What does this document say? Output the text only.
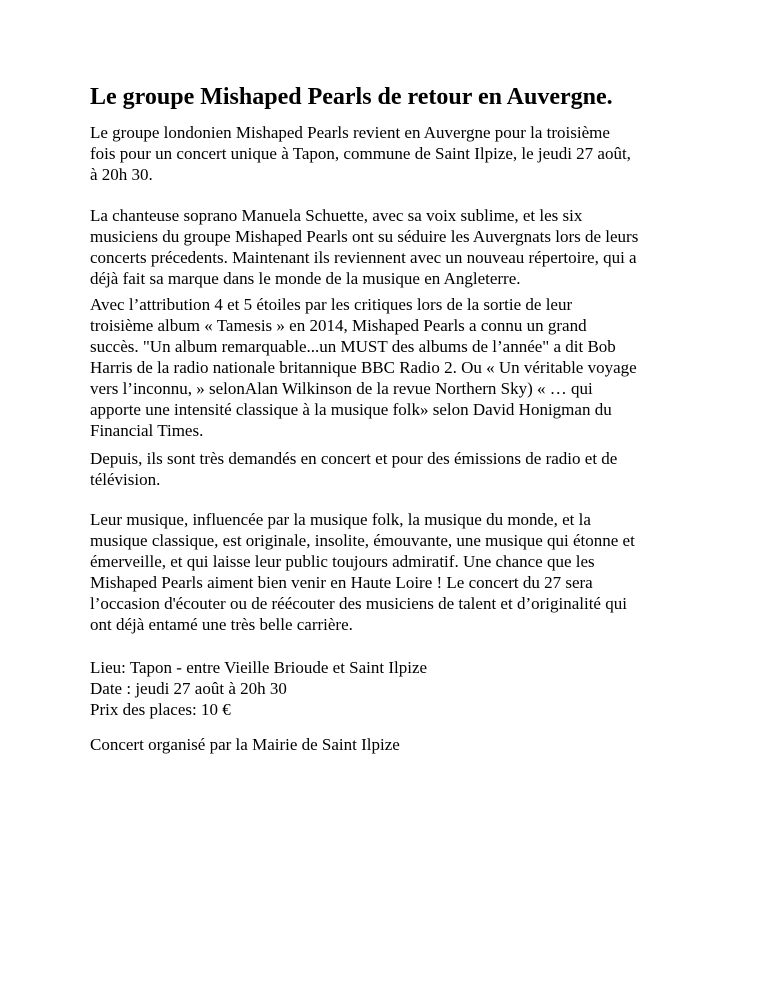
Le groupe Mishaped Pearls de retour en Auvergne.

Le groupe londonien Mishaped Pearls revient en Auvergne pour la troisième
fois pour un concert unique à Tapon, commune de Saint Ilpize, le jeudi 27 août,
à 20h 30.

La chanteuse soprano Manuela Schuette, avec sa voix sublime, et les six
musiciens du groupe Mishaped Pearls ont su séduire les Auvergnats lors de leurs
concerts précedents. Maintenant ils reviennent avec un nouveau répertoire, qui a
déjà fait sa marque dans le monde de la musique en Angleterre.

Avec l’attribution 4 et 5 étoiles par les critiques lors de la sortie de leur
troisième album « Tamesis » en 2014, Mishaped Pearls a connu un grand
succès. "Un album remarquable...un MUST des albums de l’année" a dit Bob
Harris de la radio nationale britannique BBC Radio 2. Ou « Un véritable voyage
vers l’inconnu, » selonAlan Wilkinson de la revue Northern Sky) « … qui
apporte une intensité classique à la musique folk» selon David Honigman du
Financial Times.

Depuis, ils sont très demandés en concert et pour des émissions de radio et de
télévision.

Leur musique, influencée par la musique folk, la musique du monde, et la
musique classique, est originale, insolite, émouvante, une musique qui étonne et
émerveille, et qui laisse leur public toujours admiratif. Une chance que les
Mishaped Pearls aiment bien venir en Haute Loire ! Le concert du 27 sera
l’occasion d'écouter ou de réécouter des musiciens de talent et d’originalité qui
ont déjà entamé une très belle carrière.

Lieu: Tapon - entre Vieille Brioude et Saint Ilpize
Date : jeudi 27 août à 20h 30
Prix des places: 10 €

Concert organisé par la Mairie de Saint Ilpize
